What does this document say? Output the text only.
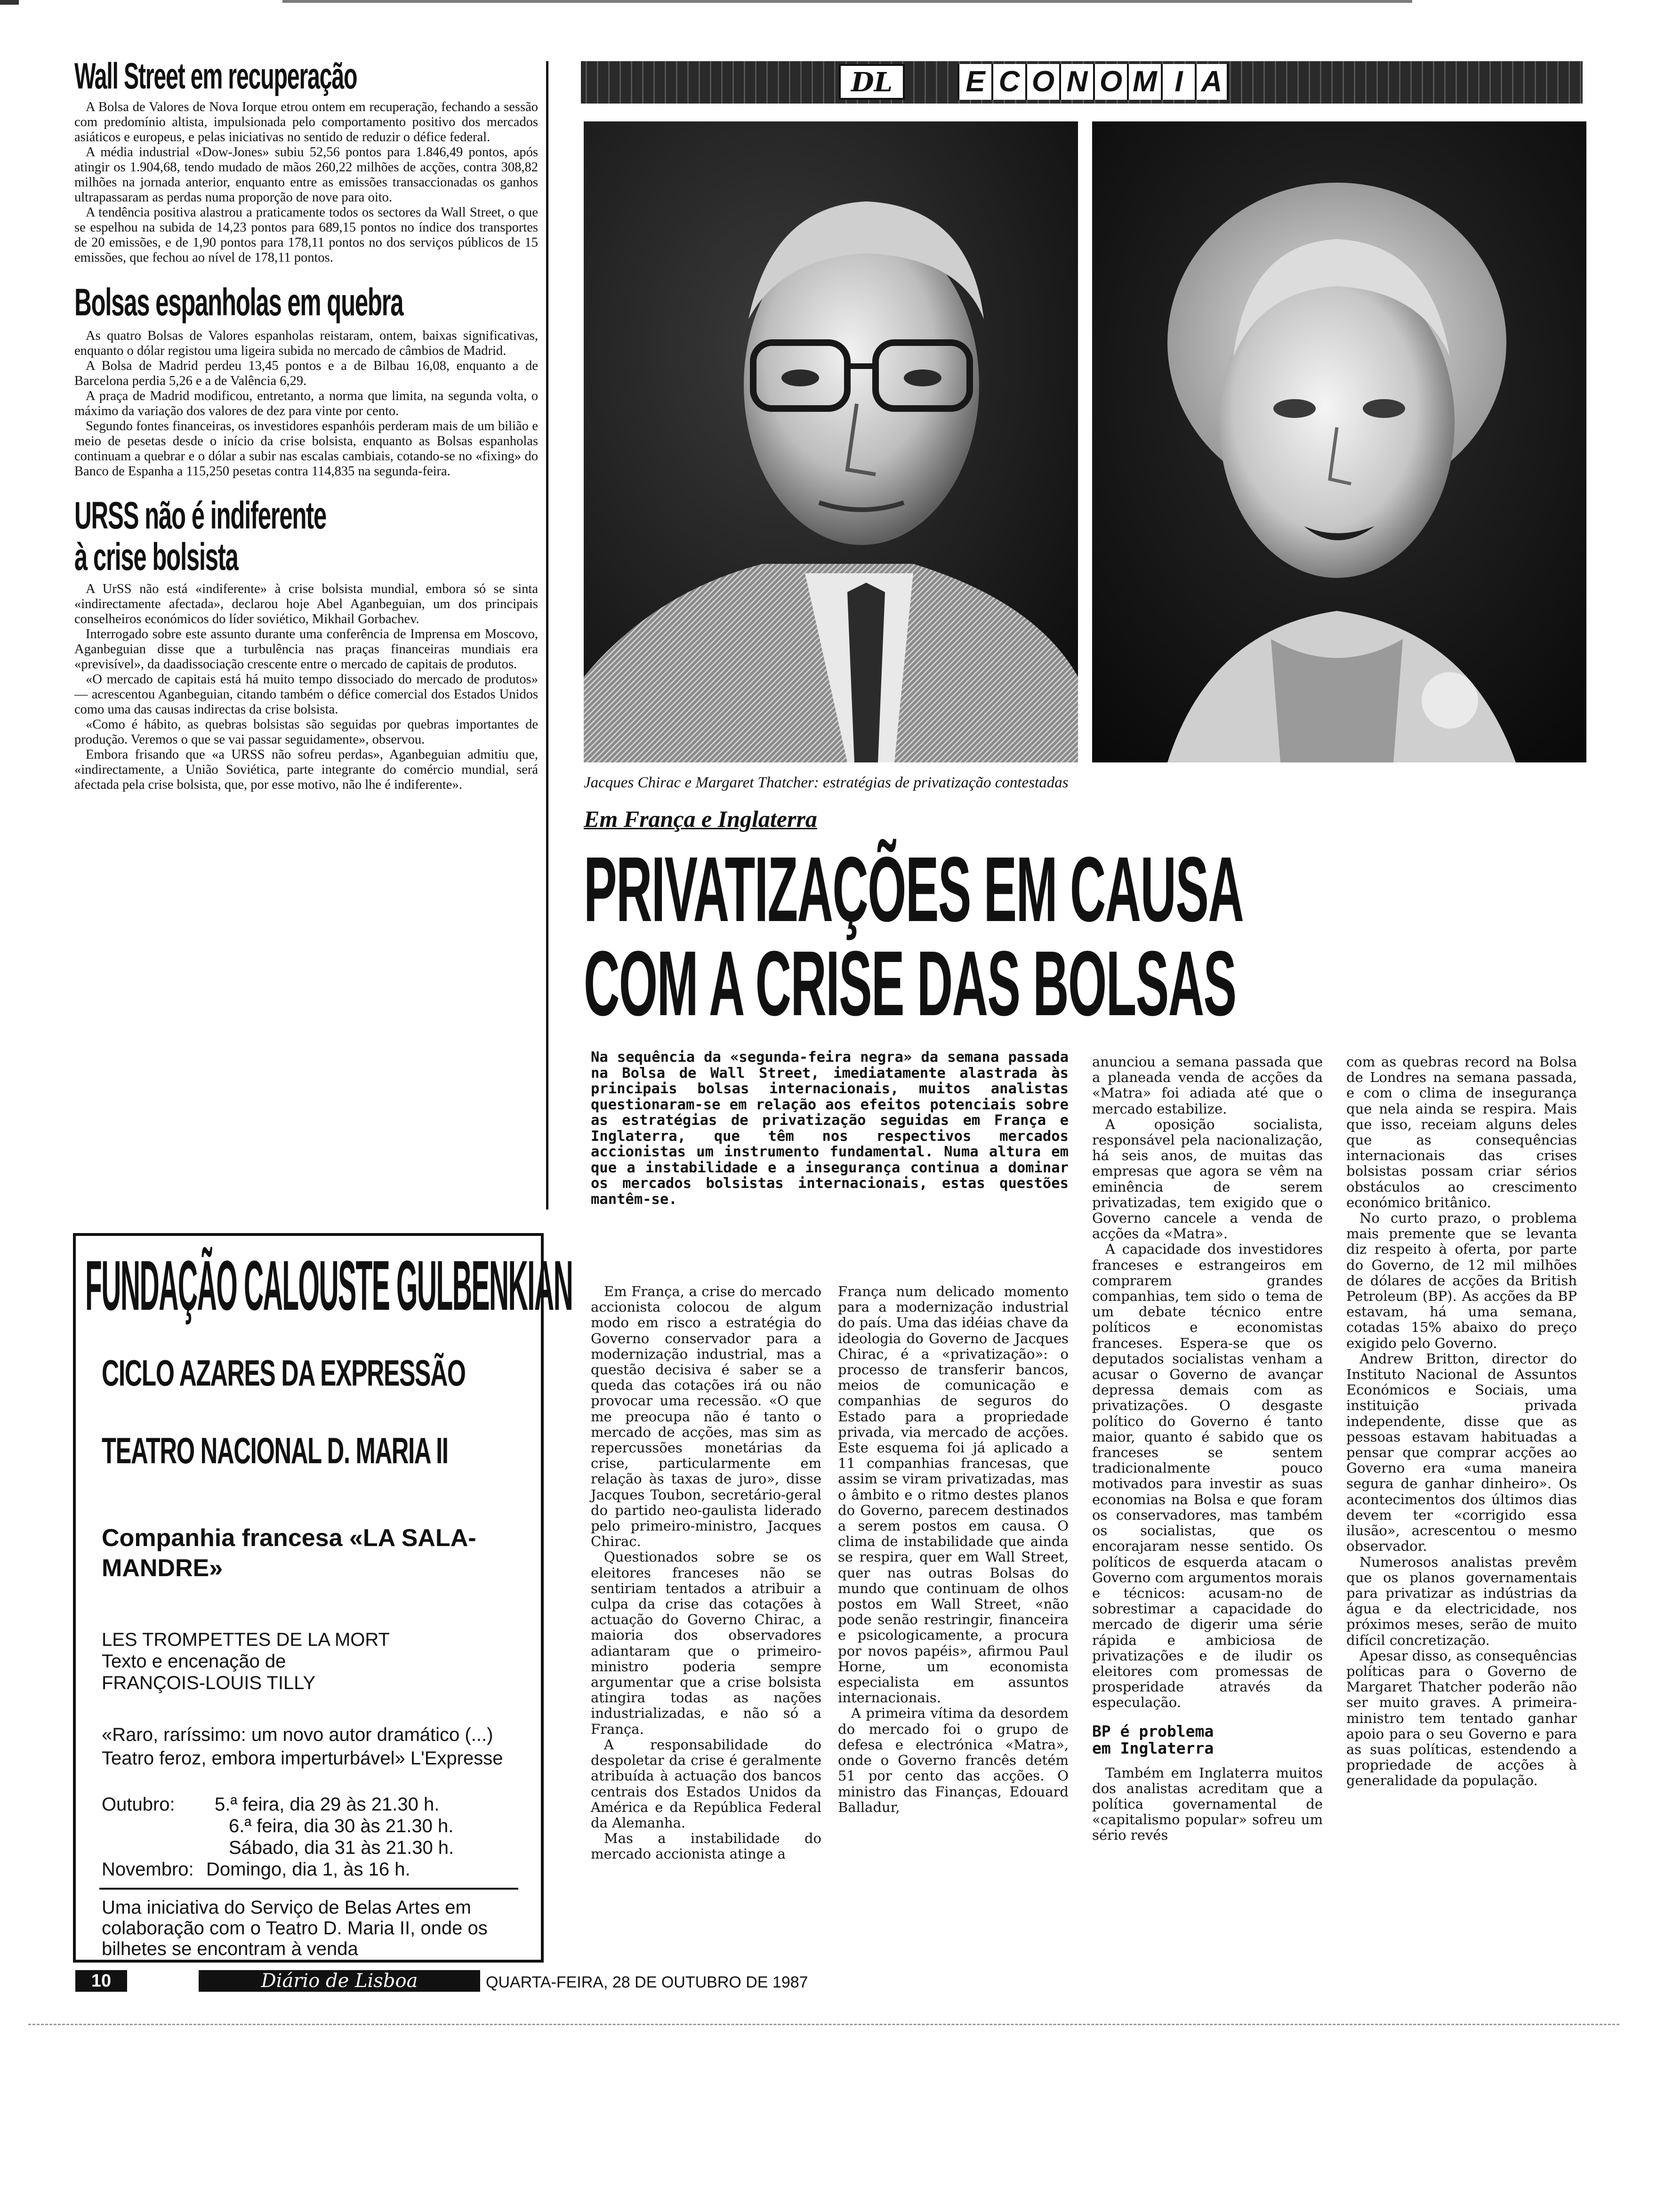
Wall Street em recuperação

A Bolsa de Valores de Nova Iorque etrou ontem em recuperação, fechando a sessão com predomínio altista, impulsionada pelo comportamento positivo dos mercados asiáticos e europeus, e pelas iniciativas no sentido de reduzir o défice federal.

A média industrial «Dow-Jones» subiu 52,56 pontos para 1.846,49 pontos, após atingir os 1.904,68, tendo mudado de mãos 260,22 milhões de acções, contra 308,82 milhões na jornada anterior, enquanto entre as emissões transaccionadas os ganhos ultrapassaram as perdas numa proporção de nove para oito.

A tendência positiva alastrou a praticamente todos os sectores da Wall Street, o que se espelhou na subida de 14,23 pontos para 689,15 pontos no índice dos transportes de 20 emissões, e de 1,90 pontos para 178,11 pontos no dos serviços públicos de 15 emissões, que fechou ao nível de 178,11 pontos.

Bolsas espanholas em quebra

As quatro Bolsas de Valores espanholas reistaram, ontem, baixas significativas, enquanto o dólar registou uma ligeira subida no mercado de câmbios de Madrid.

A Bolsa de Madrid perdeu 13,45 pontos e a de Bilbau 16,08, enquanto a de Barcelona perdia 5,26 e a de Valência 6,29.

A praça de Madrid modificou, entretanto, a norma que limita, na segunda volta, o máximo da variação dos valores de dez para vinte por cento.

Segundo fontes financeiras, os investidores espanhóis perderam mais de um bilião e meio de pesetas desde o início da crise bolsista, enquanto as Bolsas espanholas continuam a quebrar e o dólar a subir nas escalas cambiais, cotando-se no «fixing» do Banco de Espanha a 115,250 pesetas contra 114,835 na segunda-feira.

URSS não é indiferente
à crise bolsista

A UrSS não está «indiferente» à crise bolsista mundial, embora só se sinta «indirectamente afectada», declarou hoje Abel Aganbeguian, um dos principais conselheiros económicos do líder soviético, Mikhail Gorbachev.

Interrogado sobre este assunto durante uma conferência de Imprensa em Moscovo, Aganbeguian disse que a turbulência nas praças financeiras mundiais era «previsível», da daadissociação crescente entre o mercado de capitais de produtos.

«O mercado de capitais está há muito tempo dissociado do mercado de produtos» — acrescentou Aganbeguian, citando também o défice comercial dos Estados Unidos como uma das causas indirectas da crise bolsista.

«Como é hábito, as quebras bolsistas são seguidas por quebras importantes de produção. Veremos o que se vai passar seguidamente», observou.

Embora frisando que «a URSS não sofreu perdas», Aganbeguian admitiu que, «indirectamente, a União Soviética, parte integrante do comércio mundial, será afectada pela crise bolsista, que, por esse motivo, não lhe é indiferente».

FUNDAÇÃO CALOUSTE GULBENKIAN
CICLO AZARES DA EXPRESSÃO
TEATRO NACIONAL D. MARIA II
Companhia francesa «LA SALA-
MANDRE»
LES TROMPETTES DE LA MORT
Texto e encenação de
FRANÇOIS-LOUIS TILLY
«Raro, raríssimo: um novo autor dramático (...)
Teatro feroz, embora imperturbável» L'Expresse
Outubro:	5.ª feira, dia 29 às 21.30 h.
6.ª feira, dia 30 às 21.30 h.
Sábado, dia 31 às 21.30 h.
Novembro: Domingo, dia 1, às 16 h.
Uma iniciativa do Serviço de Belas Artes em
colaboração com o Teatro D. Maria II, onde os
bilhetes se encontram à venda
10	Diário de Lisboa	QUARTA-FEIRA, 28 DE OUTUBRO DE 1987
DL	E C O N O M I A
Jacques Chirac e Margaret Thatcher: estratégias de privatização contestadas
Em França e Inglaterra
PRIVATIZAÇÕES EM CAUSA
COM A CRISE DAS BOLSAS
Na sequência da «segunda-feira negra» da semana passada na Bolsa de Wall Street, imediatamente alastrada às principais bolsas internacionais, muitos analistas questionaram-se em relação aos efeitos potenciais sobre as estratégias de privatização seguidas em França e Inglaterra, que têm nos respectivos mercados accionistas um instrumento fundamental. Numa altura em que a instabilidade e a insegurança continua a dominar os mercados bolsistas internacionais, estas questões mantêm-se.

Em França, a crise do mercado accionista colocou de algum modo em risco a estratégia do Governo conservador para a modernização industrial, mas a questão decisiva é saber se a queda das cotações irá ou não provocar uma recessão. «O que me preocupa não é tanto o mercado de acções, mas sim as repercussões monetárias da crise, particularmente em relação às taxas de juro», disse Jacques Toubon, secretário-geral do partido neo-gaulista liderado pelo primeiro-ministro, Jacques Chirac.

Questionados sobre se os eleitores franceses não se sentiriam tentados a atribuir a culpa da crise das cotações à actuação do Governo Chirac, a maioria dos observadores adiantaram que o primeiro-ministro poderia sempre argumentar que a crise bolsista atingira todas as nações industrializadas, e não só a França.

A responsabilidade do despoletar da crise é geralmente atribuída à actuação dos bancos centrais dos Estados Unidos da América e da República Federal da Alemanha.

Mas a instabilidade do mercado accionista atinge a

França num delicado momento para a modernização industrial do país. Uma das idéias chave da ideologia do Governo de Jacques Chirac, é a «privatização»: o processo de transferir bancos, meios de comunicação e companhias de seguros do Estado para a propriedade privada, via mercado de acções. Este esquema foi já aplicado a 11 companhias francesas, que assim se viram privatizadas, mas o âmbito e o ritmo destes planos do Governo, parecem destinados a serem postos em causa. O clima de instabilidade que ainda se respira, quer em Wall Street, quer nas outras Bolsas do mundo que continuam de olhos postos em Wall Street, «não pode senão restringir, financeira e psicologicamente, a procura por novos papéis», afirmou Paul Horne, um economista especialista em assuntos internacionais.

A primeira vítima da desordem do mercado foi o grupo de defesa e electrónica «Matra», onde o Governo francês detém 51 por cento das acções. O ministro das Finanças, Edouard Balladur,

anunciou a semana passada que a planeada venda de acções da «Matra» foi adiada até que o mercado estabilize.

A oposição socialista, responsável pela nacionalização, há seis anos, de muitas das empresas que agora se vêm na eminência de serem privatizadas, tem exigido que o Governo cancele a venda de acções da «Matra».

A capacidade dos investidores franceses e estrangeiros em comprarem grandes companhias, tem sido o tema de um debate técnico entre políticos e economistas franceses. Espera-se que os deputados socialistas venham a acusar o Governo de avançar depressa demais com as privatizações. O desgaste político do Governo é tanto maior, quanto é sabido que os franceses se sentem tradicionalmente pouco motivados para investir as suas economias na Bolsa e que foram os conservadores, mas também os socialistas, que os encorajaram nesse sentido. Os políticos de esquerda atacam o Governo com argumentos morais e técnicos: acusam-no de sobrestimar a capacidade do mercado de digerir uma série rápida e ambiciosa de privatizações e de iludir os eleitores com promessas de prosperidade através da especulação.

BP é problema
em Inglaterra

Também em Inglaterra muitos dos analistas acreditam que a política governamental de «capitalismo popular» sofreu um sério revés

com as quebras record na Bolsa de Londres na semana passada, e com o clima de insegurança que nela ainda se respira. Mais que isso, receiam alguns deles que as consequências internacionais das crises bolsistas possam criar sérios obstáculos ao crescimento económico britânico.

No curto prazo, o problema mais premente que se levanta diz respeito à oferta, por parte do Governo, de 12 mil milhões de dólares de acções da British Petroleum (BP). As acções da BP estavam, há uma semana, cotadas 15% abaixo do preço exigido pelo Governo.

Andrew Britton, director do Instituto Nacional de Assuntos Económicos e Sociais, uma instituição privada independente, disse que as pessoas estavam habituadas a pensar que comprar acções ao Governo era «uma maneira segura de ganhar dinheiro». Os acontecimentos dos últimos dias devem ter «corrigido essa ilusão», acrescentou o mesmo observador.

Numerosos analistas prevêm que os planos governamentais para privatizar as indústrias da água e da electricidade, nos próximos meses, serão de muito difícil concretização.

Apesar disso, as consequências políticas para o Governo de Margaret Thatcher poderão não ser muito graves. A primeira-ministro tem tentado ganhar apoio para o seu Governo e para as suas políticas, estendendo a propriedade de acções à generalidade da população.
